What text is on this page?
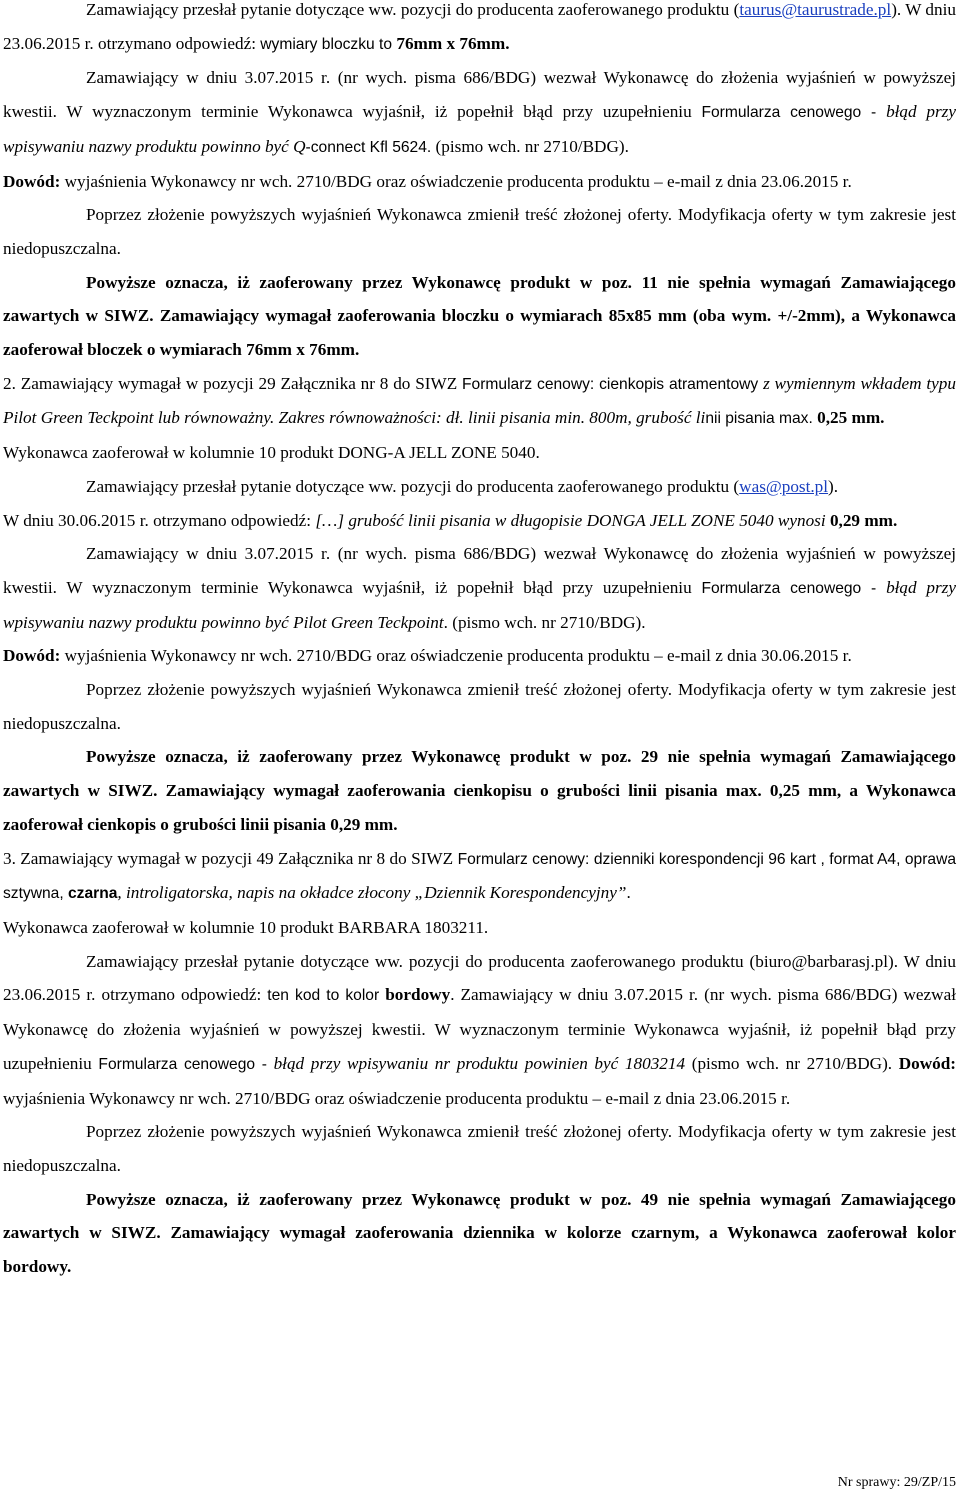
Zamawiający przesłał pytanie dotyczące ww. pozycji do producenta zaoferowanego produktu (taurus@taurustrade.pl). W dniu 23.06.2015 r. otrzymano odpowiedź: wymiary bloczku to 76mm x 76mm.

Zamawiający w dniu 3.07.2015 r. (nr wych. pisma 686/BDG) wezwał Wykonawcę do złożenia wyjaśnień w powyższej kwestii. W wyznaczonym terminie Wykonawca wyjaśnił, iż popełnił błąd przy uzupełnieniu Formularza cenowego - błąd przy wpisywaniu nazwy produktu powinno być Q-connect Kfl 5624. (pismo wch. nr 2710/BDG).

Dowód: wyjaśnienia Wykonawcy nr wch. 2710/BDG oraz oświadczenie producenta produktu – e-mail z dnia 23.06.2015 r.

Poprzez złożenie powyższych wyjaśnień Wykonawca zmienił treść złożonej oferty. Modyfikacja oferty w tym zakresie jest niedopuszczalna.

Powyższe oznacza, iż zaoferowany przez Wykonawcę produkt w poz. 11 nie spełnia wymagań Zamawiającego zawartych w SIWZ. Zamawiający wymagał zaoferowania bloczku o wymiarach 85x85 mm (oba wym. +/-2mm), a Wykonawca zaoferował bloczek o wymiarach 76mm x 76mm.

2. Zamawiający wymagał w pozycji 29 Załącznika nr 8 do SIWZ Formularz cenowy: cienkopis atramentowy z wymiennym wkładem typu Pilot Green Teckpoint lub równoważny. Zakres równoważności: dł. linii pisania min. 800m, grubość linii pisania max. 0,25 mm.

Wykonawca zaoferował w kolumnie 10 produkt DONG-A JELL ZONE 5040.

Zamawiający przesłał pytanie dotyczące ww. pozycji do producenta zaoferowanego produktu (was@post.pl).

W dniu 30.06.2015 r. otrzymano odpowiedź: […] grubość linii pisania w długopisie DONGA JELL ZONE 5040 wynosi 0,29 mm.

Zamawiający w dniu 3.07.2015 r. (nr wych. pisma 686/BDG) wezwał Wykonawcę do złożenia wyjaśnień w powyższej kwestii. W wyznaczonym terminie Wykonawca wyjaśnił, iż popełnił błąd przy uzupełnieniu Formularza cenowego - błąd przy wpisywaniu nazwy produktu powinno być Pilot Green Teckpoint. (pismo wch. nr 2710/BDG).

Dowód: wyjaśnienia Wykonawcy nr wch. 2710/BDG oraz oświadczenie producenta produktu – e-mail z dnia 30.06.2015 r.

Poprzez złożenie powyższych wyjaśnień Wykonawca zmienił treść złożonej oferty. Modyfikacja oferty w tym zakresie jest niedopuszczalna.

Powyższe oznacza, iż zaoferowany przez Wykonawcę produkt w poz. 29 nie spełnia wymagań Zamawiającego zawartych w SIWZ. Zamawiający wymagał zaoferowania cienkopisu o grubości linii pisania max. 0,25 mm, a Wykonawca zaoferował cienkopis o grubości linii pisania 0,29 mm.

3. Zamawiający wymagał w pozycji 49 Załącznika nr 8 do SIWZ Formularz cenowy: dzienniki korespondencji 96 kart , format A4, oprawa sztywna, czarna, introligatorska, napis na okładce złocony „Dziennik Korespondencyjny”.

Wykonawca zaoferował w kolumnie 10 produkt BARBARA 1803211.

Zamawiający przesłał pytanie dotyczące ww. pozycji do producenta zaoferowanego produktu (biuro@barbarasj.pl). W dniu 23.06.2015 r. otrzymano odpowiedź: ten kod to kolor bordowy. Zamawiający w dniu 3.07.2015 r. (nr wych. pisma 686/BDG) wezwał Wykonawcę do złożenia wyjaśnień w powyższej kwestii. W wyznaczonym terminie Wykonawca wyjaśnił, iż popełnił błąd przy uzupełnieniu Formularza cenowego - błąd przy wpisywaniu nr produktu powinien być 1803214 (pismo wch. nr 2710/BDG). Dowód: wyjaśnienia Wykonawcy nr wch. 2710/BDG oraz oświadczenie producenta produktu – e-mail z dnia 23.06.2015 r.

Poprzez złożenie powyższych wyjaśnień Wykonawca zmienił treść złożonej oferty. Modyfikacja oferty w tym zakresie jest niedopuszczalna.

Powyższe oznacza, iż zaoferowany przez Wykonawcę produkt w poz. 49 nie spełnia wymagań Zamawiającego zawartych w SIWZ. Zamawiający wymagał zaoferowania dziennika w kolorze czarnym, a Wykonawca zaoferował kolor bordowy.

Nr sprawy: 29/ZP/15
